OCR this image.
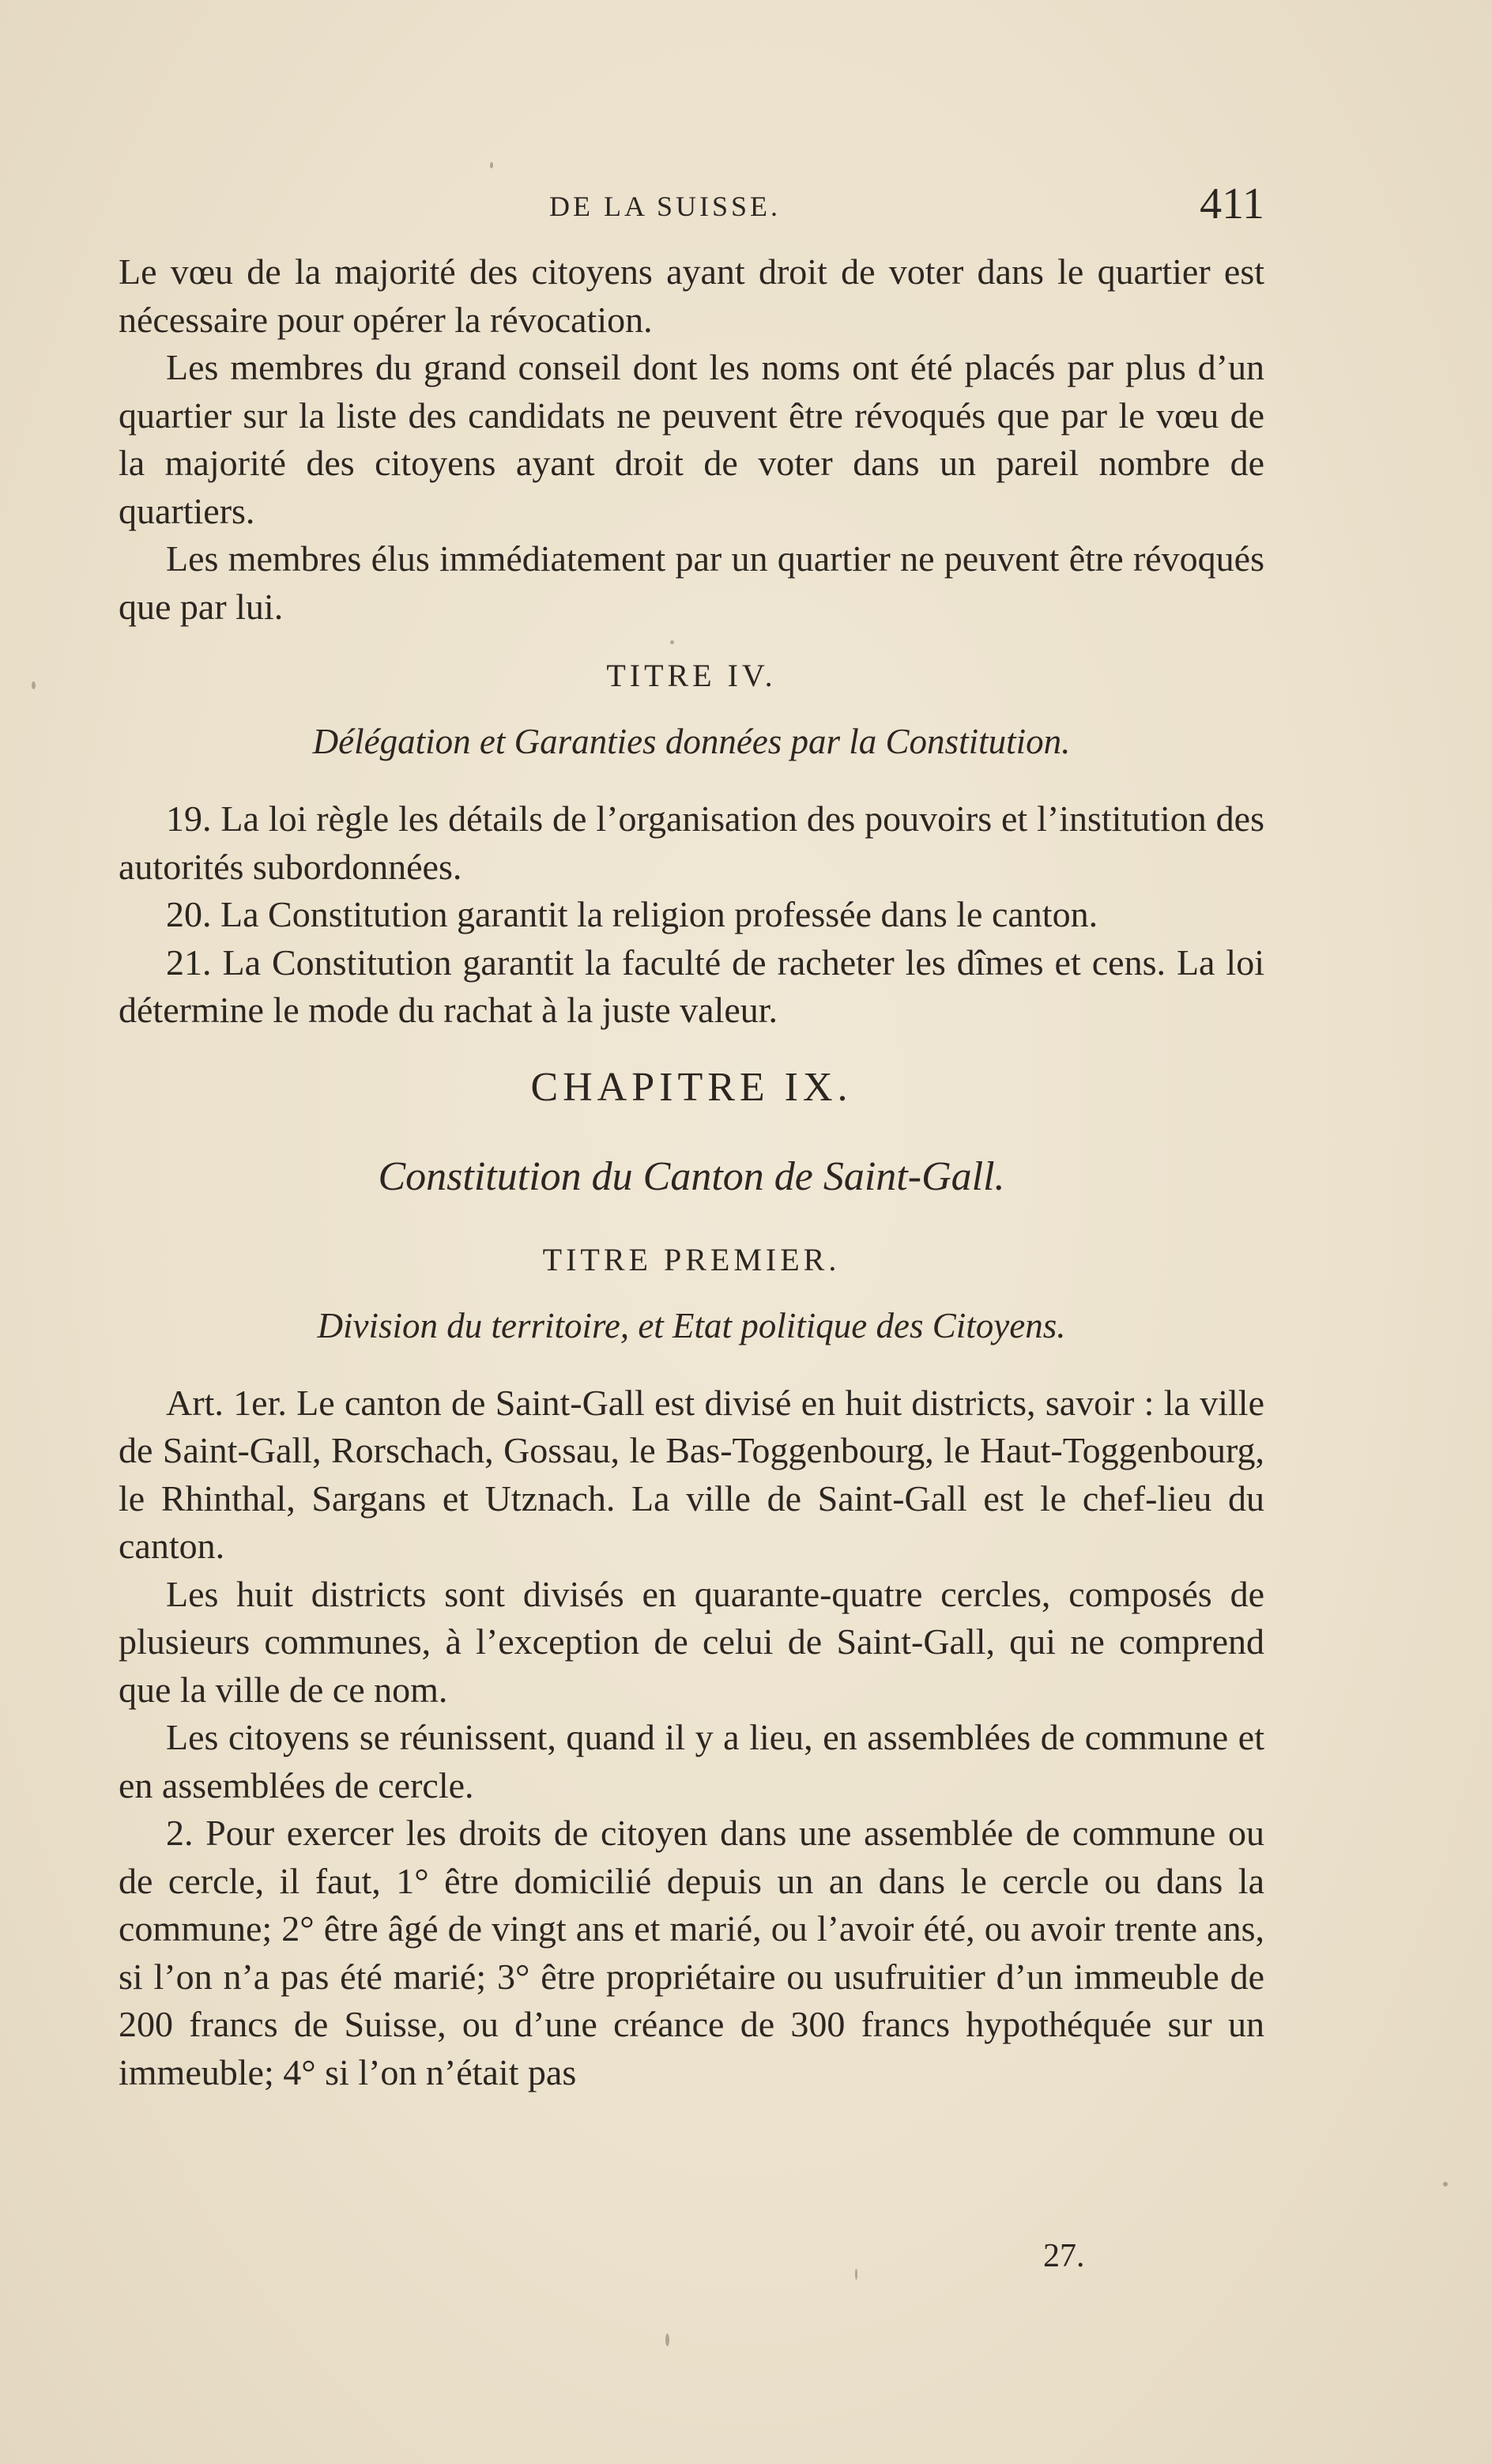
DE LA SUISSE.	411

Le vœu de la majorité des citoyens ayant droit de voter dans le quartier est nécessaire pour opérer la révocation.

Les membres du grand conseil dont les noms ont été placés par plus d’un quartier sur la liste des candidats ne peuvent être révoqués que par le vœu de la majorité des citoyens ayant droit de voter dans un pareil nombre de quartiers.

Les membres élus immédiatement par un quartier ne peuvent être révoqués que par lui.

TITRE IV.
Délégation et Garanties données par la Constitution.

19. La loi règle les détails de l’organisation des pouvoirs et l’institution des autorités subordonnées.

20. La Constitution garantit la religion professée dans le canton.

21. La Constitution garantit la faculté de racheter les dîmes et cens. La loi détermine le mode du rachat à la juste valeur.

CHAPITRE IX.
Constitution du Canton de Saint-Gall.
TITRE PREMIER.
Division du territoire, et Etat politique des Citoyens.

Art. 1er. Le canton de Saint-Gall est divisé en huit districts, savoir : la ville de Saint-Gall, Rorschach, Gossau, le Bas-Toggenbourg, le Haut-Toggenbourg, le Rhinthal, Sargans et Utznach. La ville de Saint-Gall est le chef-lieu du canton.

Les huit districts sont divisés en quarante-quatre cercles, composés de plusieurs communes, à l’exception de celui de Saint-Gall, qui ne comprend que la ville de ce nom.

Les citoyens se réunissent, quand il y a lieu, en assemblées de commune et en assemblées de cercle.

2. Pour exercer les droits de citoyen dans une assemblée de commune ou de cercle, il faut, 1° être domicilié depuis un an dans le cercle ou dans la commune; 2° être âgé de vingt ans et marié, ou l’avoir été, ou avoir trente ans, si l’on n’a pas été marié; 3° être propriétaire ou usufruitier d’un immeuble de 200 francs de Suisse, ou d’une créance de 300 francs hypothéquée sur un immeuble; 4° si l’on n’était pas

27.
